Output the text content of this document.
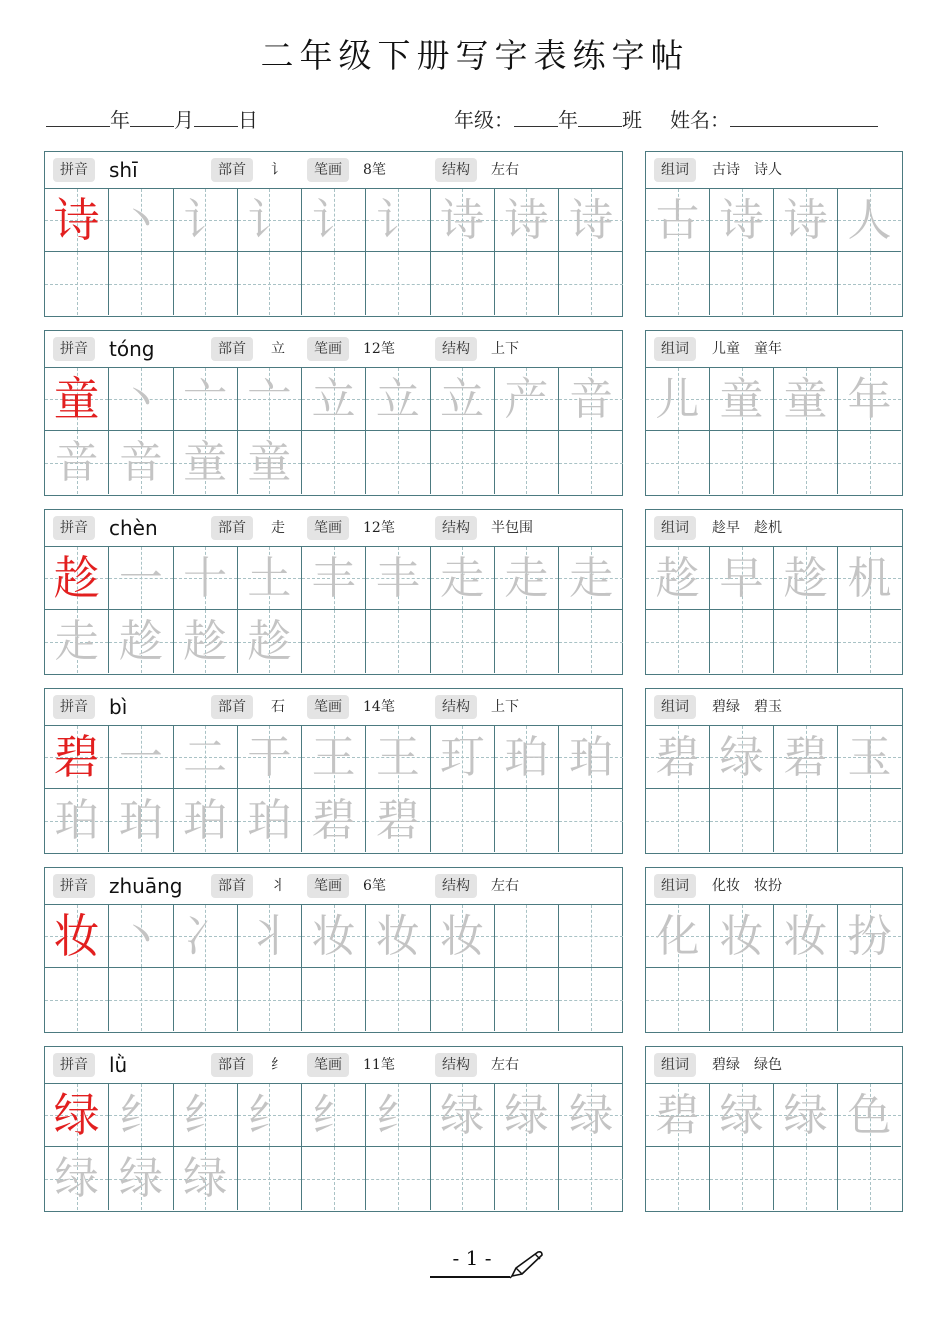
二年级下册写字表练字帖
年 月 日	年级： 年 班 姓名：
拼音	shī	部首	讠	笔画	8笔	结构	左右
诗 丶 讠 讠 讠 讠 诗 诗 诗
组词	古诗　诗人
古 诗 诗 人
拼音	tóng	部首	立	笔画	12笔	结构	上下
童 丶 亠 亠 立 立 立 产 音
音 音 童 童
组词	儿童　童年
儿 童 童 年
拼音	chèn	部首	走	笔画	12笔	结构	半包围
趁 一 十 土 丰 丰 走 走 走
走 趁 趁 趁
组词	趁早　趁机
趁 早 趁 机
拼音	bì	部首	石	笔画	14笔	结构	上下
碧 一 二 干 王 王 玎 珀 珀
珀 珀 珀 珀 碧 碧
组词	碧绿　碧玉
碧 绿 碧 玉
拼音	zhuāng	部首	丬	笔画	6笔	结构	左右
妆 丶 冫 丬 妆 妆 妆
组词	化妆　妆扮
化 妆 妆 扮
拼音	lǜ	部首	纟	笔画	11笔	结构	左右
绿 纟 纟 纟 纟 纟 绿 绿 绿
绿 绿 绿
组词	碧绿　绿色
碧 绿 绿 色
- 1 -
